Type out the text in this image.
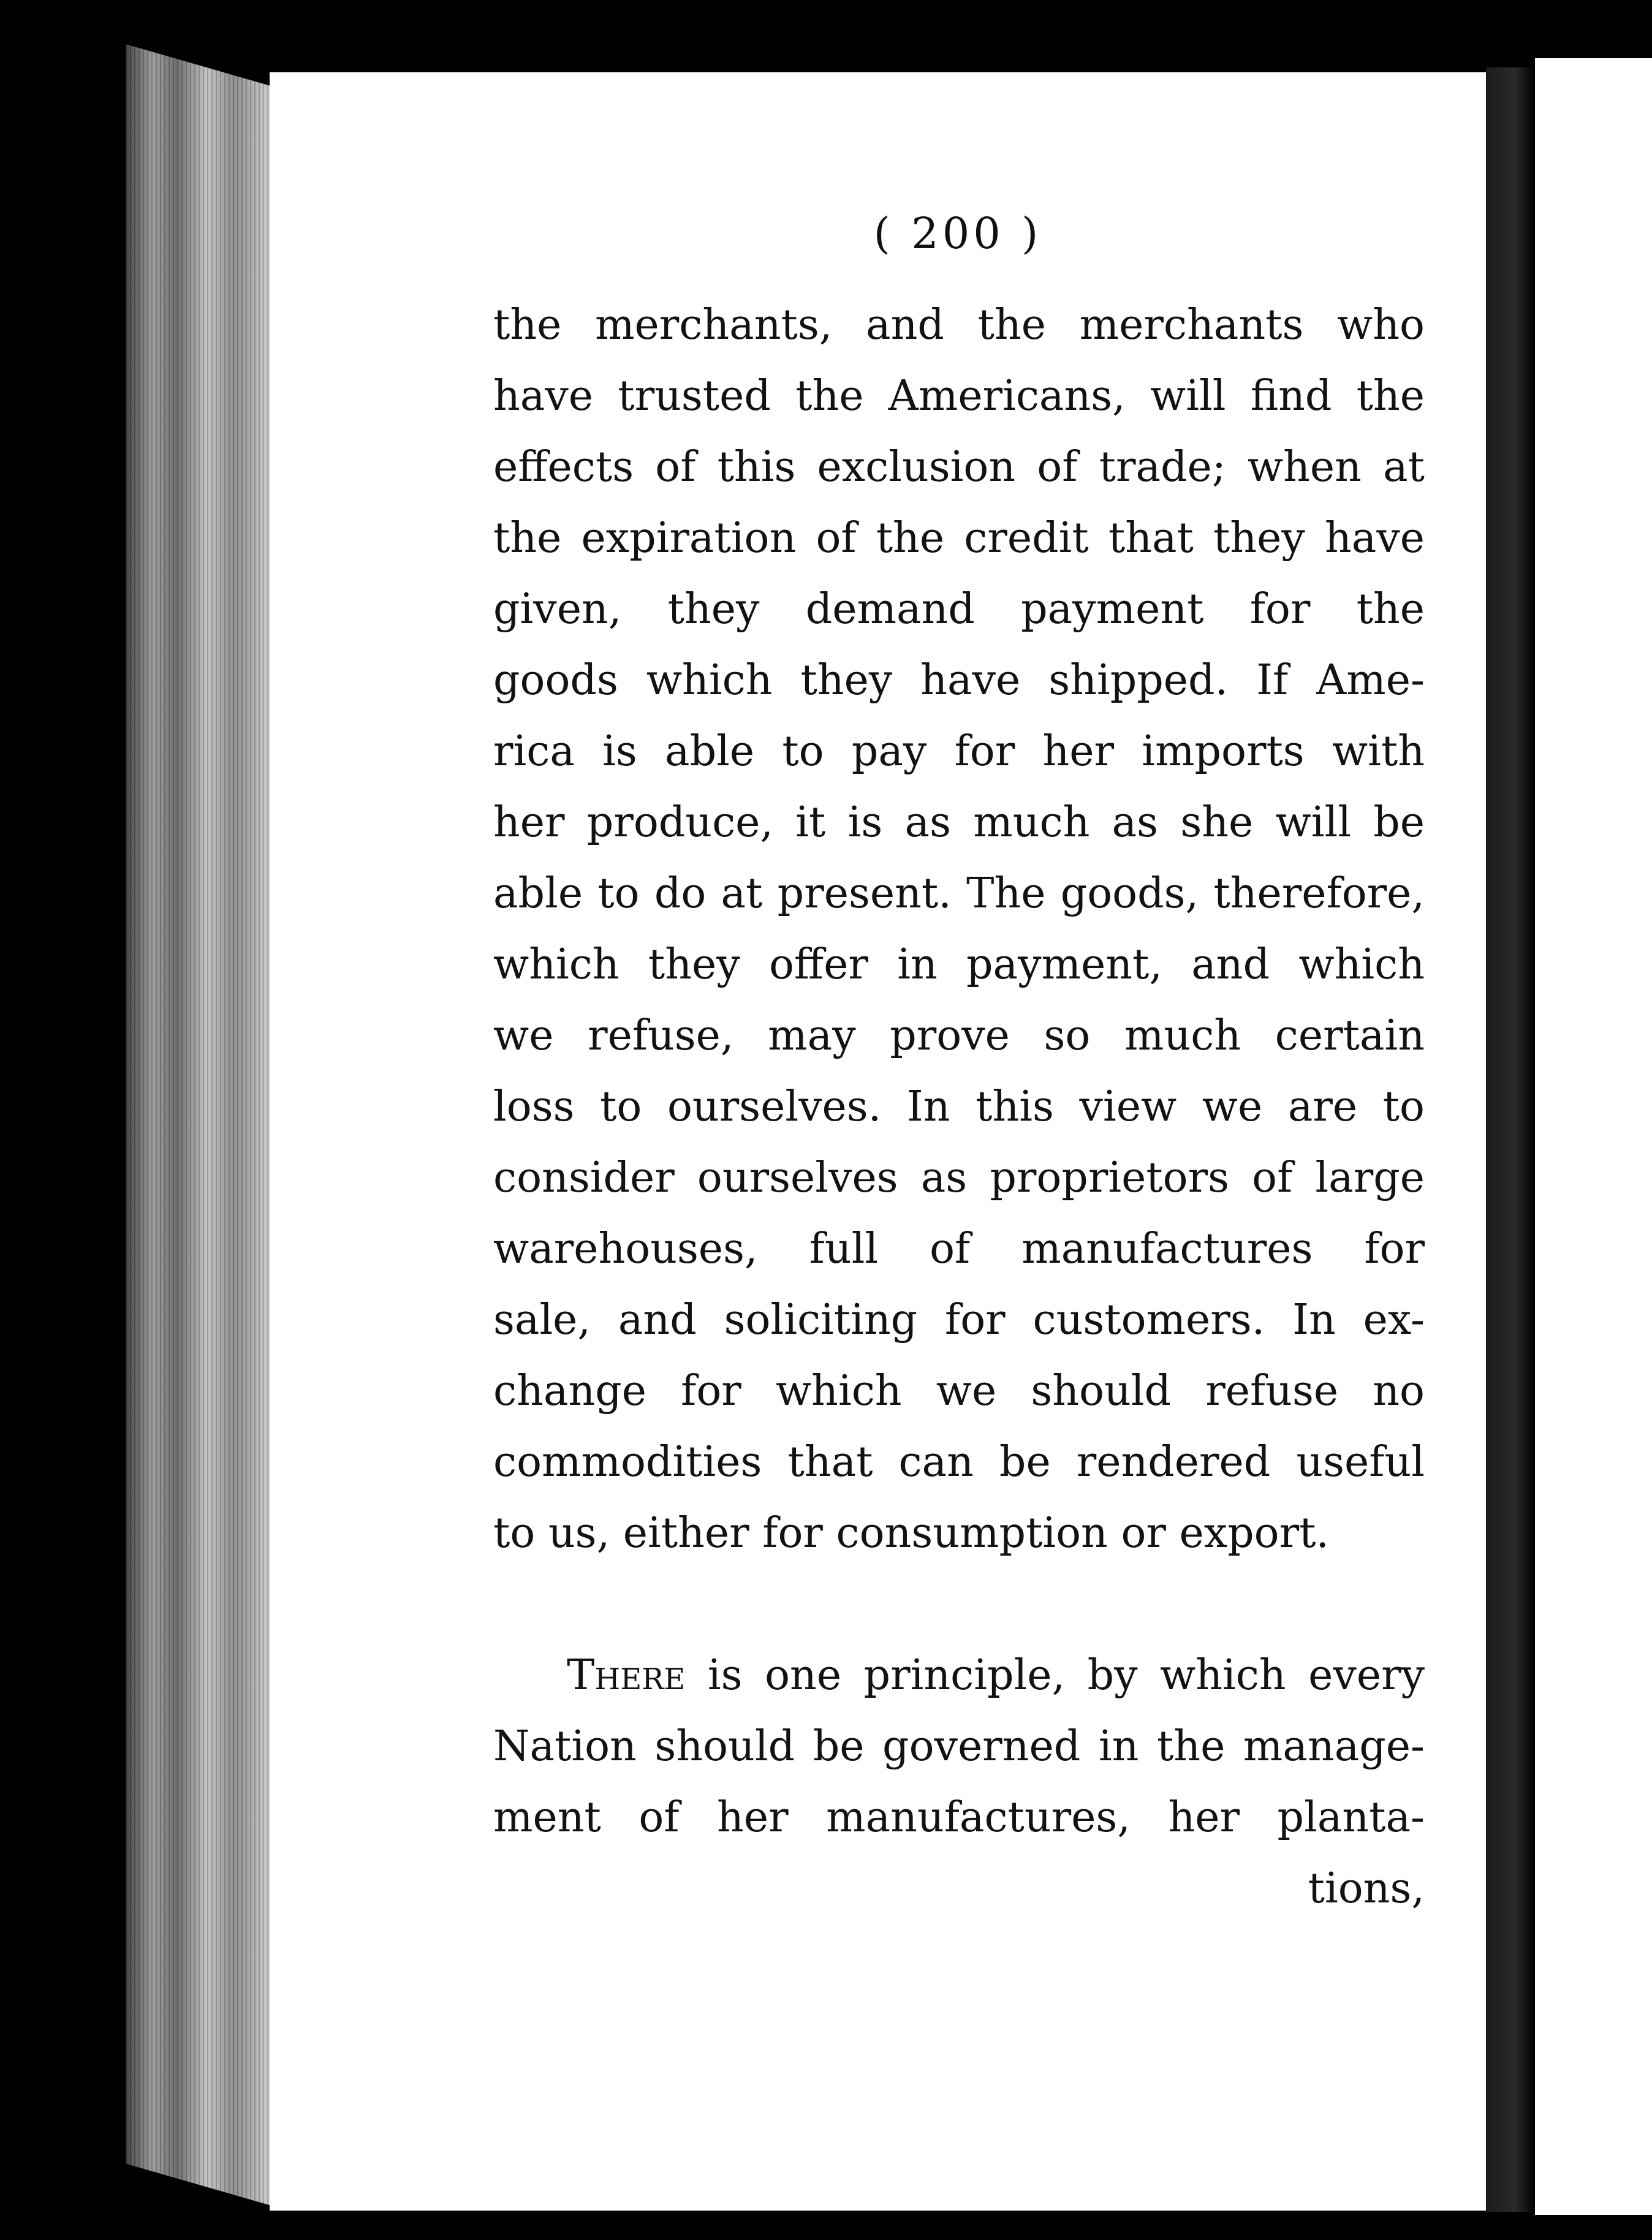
( 200 )
the merchants, and the merchants who
have trusted the Americans, will find the
effects of this exclusion of trade; when at
the expiration of the credit that they have
given, they demand payment for the
goods which they have shipped. If Ame-
rica is able to pay for her imports with
her produce, it is as much as she will be
able to do at present. The goods, therefore,
which they offer in payment, and which
we refuse, may prove so much certain
loss to ourselves. In this view we are to
consider ourselves as proprietors of large
warehouses, full of manufactures for
sale, and soliciting for customers. In ex-
change for which we should refuse no
commodities that can be rendered useful
to us, either for consumption or export.
There is one principle, by which every
Nation should be governed in the manage-
ment of her manufactures, her planta-
tions,
